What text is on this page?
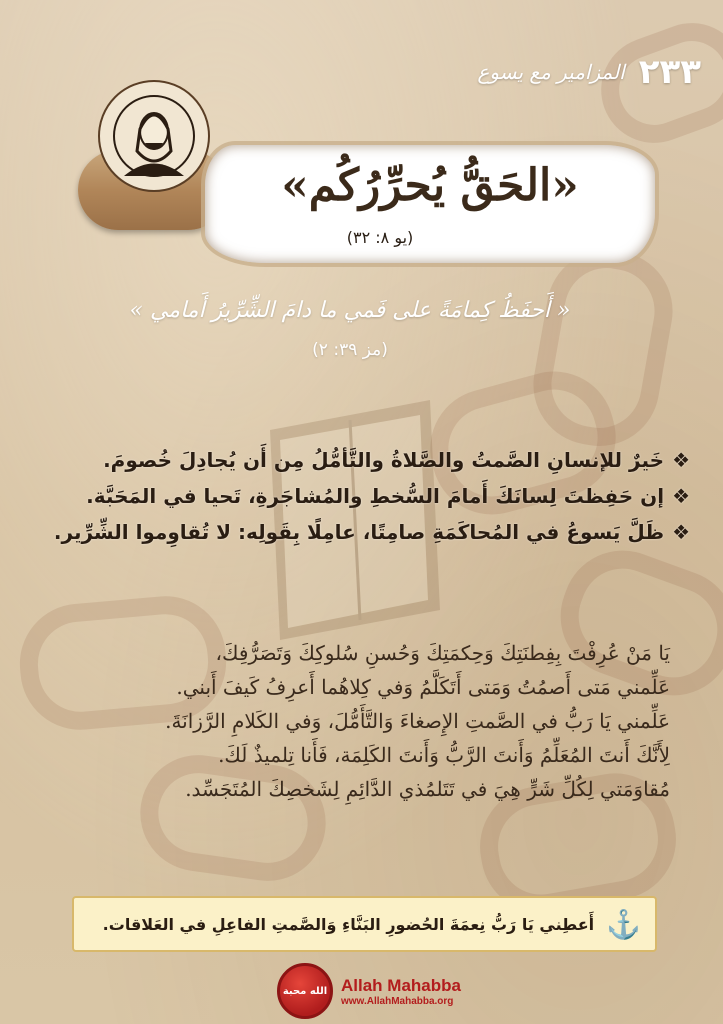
٢٣٣
المزامير مع يسوع
«الحَقُّ يُحرِّرُكُم»
(يو ٨: ٣٢)
« أَحفَظُ كِمامَةً على فَمي ما دامَ الشِّرِّيرُ أَمامي »
(مز ٣٩: ٢)
❖
خَيرٌ للإنسانِ الصَّمتُ والصَّلاةُ والتَّأمُّلُ مِن أَن يُجادِلَ خُصومَ.
❖
إن حَفِظتَ لِسانَكَ أَمامَ السُّخطِ والمُشاجَرةِ، تَحيا في المَحَبَّة.
❖
ظَلَّ يَسوعُ في المُحاكَمَةِ صامِتًا، عامِلًا بِقَولِه: لا تُقاوِموا الشِّرِّير.
يَا مَنْ عُرِفْتَ بِفِطنَتِكَ وَحِكمَتِكَ وَحُسنِ سُلوكِكَ وَتَصَرُّفِكَ،
عَلِّمني مَتى أَصمُتُ وَمَتى أَتَكَلَّمُ وَفي كِلاهُما أَعرِفُ كَيفَ أَبني.
عَلِّمني يَا رَبُّ في الصَّمتِ الإِصغاءَ وَالتَّأَمُّلَ، وَفي الكَلامِ الرَّزانَةَ.
لِأَنَّكَ أَنتَ المُعَلِّمُ وَأَنتَ الرَّبُّ وَأَنتَ الكَلِمَة، فَأَنا تِلميذٌ لَكَ.
مُقاوَمَتي لِكُلِّ شَرٍّ هِيَ في تَتَلمُذي الدَّائِمِ لِشَخصِكَ المُتَجَسِّد.
⚓
أَعطِني يَا رَبُّ نِعمَةَ الحُضورِ البَنَّاءِ وَالصَّمتِ الفاعِلِ في العَلاقات.
الله محبة Allah Mahabba
www.AllahMahabba.org
